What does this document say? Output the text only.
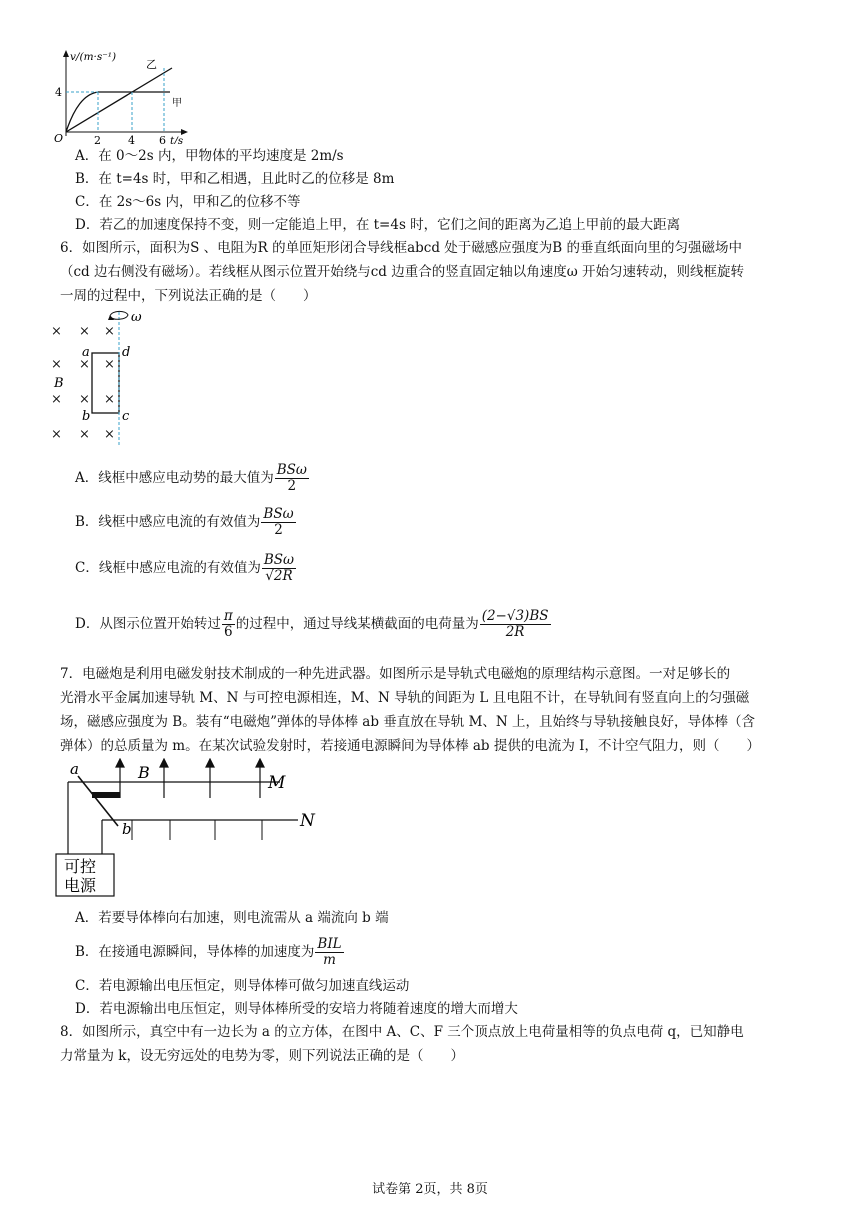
v/(m·s⁻¹)
乙
甲
4
O	2 4 6 t/s
A．在 0～2s 内，甲物体的平均速度是 2m/s
B．在 t=4s 时，甲和乙相遇，且此时乙的位移是 8m
C．在 2s～6s 内，甲和乙的位移不等
D．若乙的加速度保持不变，则一定能追上甲，在 t=4s 时，它们之间的距离为乙追上甲前的最大距离
6．如图所示，面积为S 、电阻为R 的单匝矩形闭合导线框abcd 处于磁感应强度为B 的垂直纸面向里的匀强磁场中
（cd 边右侧没有磁场）。若线框从图示位置开始绕与cd 边重合的竖直固定轴以角速度ω 开始匀速转动，则线框旋转
一周的过程中，下列说法正确的是（　　）
× × ×
× × ×
× × ×
× × ×
ω
a d
B
b c
A．线框中感应电动势的最大值为 $\frac{\text{BSω}}{2}$
B．线框中感应电流的有效值为 $\frac{\text{BSω}}{2}$
C．线框中感应电流的有效值为 $\frac{\text{BSω}}{√2R}$
D．从图示位置开始转过 $\frac{\pi}{6}$ 的过程中，通过导线某横截面的电荷量为 $\frac{(2-√3)BS}{2R}$
7．电磁炮是利用电磁发射技术制成的一种先进武器。如图所示是导轨式电磁炮的原理结构示意图。一对足够长的
光滑水平金属加速导轨 M、N 与可控电源相连，M、N 导轨的间距为 L 且电阻不计，在导轨间有竖直向上的匀强磁
场，磁感应强度为 B。装有“电磁炮”弹体的导体棒 ab 垂直放在导轨 M、N 上，且始终与导轨接触良好，导体棒（含
弹体）的总质量为 m。在某次试验发射时，若接通电源瞬间为导体棒 ab 提供的电流为 I，不计空气阻力，则（　　）
a
b
B
M
N
可控
电源
A．若要导体棒向右加速，则电流需从 a 端流向 b 端
B．在接通电源瞬间，导体棒的加速度为 $\frac{\text{BIL}}{m}$
C．若电源输出电压恒定，则导体棒可做匀加速直线运动
D．若电源输出电压恒定，则导体棒所受的安培力将随着速度的增大而增大
8．如图所示，真空中有一边长为 a 的立方体，在图中 A、C、F 三个顶点放上电荷量相等的负点电荷 q，已知静电
力常量为 k，设无穷远处的电势为零，则下列说法正确的是（　　）
试卷第 2页，共 8页
